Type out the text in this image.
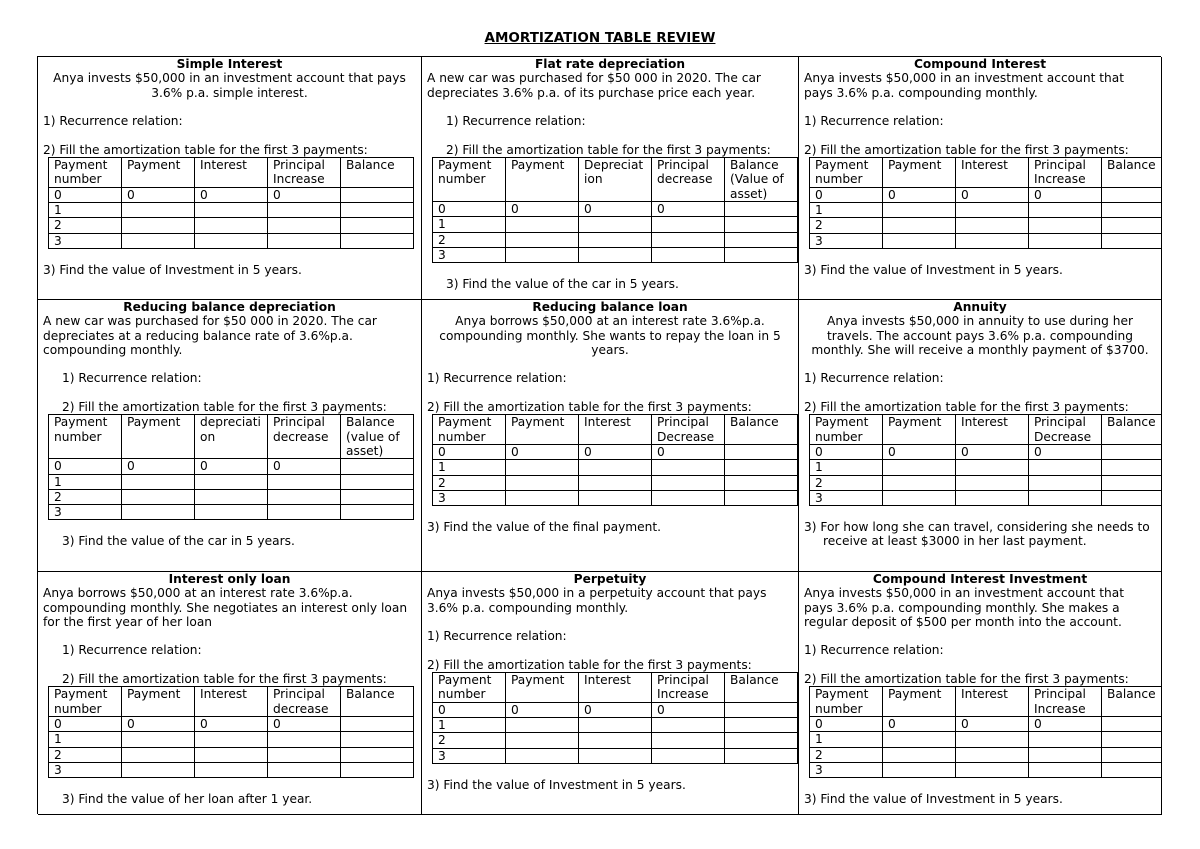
AMORTIZATION TABLE REVIEW
Simple Interest
Anya invests $50,000 in an investment account that pays 3.6% p.a. simple interest.
1) Recurrence relation:
2) Fill the amortization table for the first 3 payments:
Payment number	Payment	Interest	Principal Increase	Balance
0	0	0	0	
1				
2				
3				
3) Find the value of Investment in 5 years.
Flat rate depreciation
A new car was purchased for $50 000 in 2020. The car depreciates 3.6% p.a. of its purchase price each year.
1) Recurrence relation:
2) Fill the amortization table for the first 3 payments:
Payment number	Payment	Depreciation	Principal decrease	Balance (Value of asset)
0	0	0	0	
1				
2				
3				
3) Find the value of the car in 5 years.
Compound Interest
Anya invests $50,000 in an investment account that pays 3.6% p.a. compounding monthly.
1) Recurrence relation:
2) Fill the amortization table for the first 3 payments:
Payment number	Payment	Interest	Principal Increase	Balance
0	0	0	0	
1				
2				
3				
3) Find the value of Investment in 5 years.
Reducing balance depreciation
A new car was purchased for $50 000 in 2020. The car depreciates at a reducing balance rate of 3.6%p.a. compounding monthly.
1) Recurrence relation:
2) Fill the amortization table for the first 3 payments:
Payment number	Payment	depreciation	Principal decrease	Balance (value of asset)
0	0	0	0	
1				
2				
3				
3) Find the value of the car in 5 years.
Reducing balance loan
Anya borrows $50,000 at an interest rate 3.6%p.a. compounding monthly. She wants to repay the loan in 5 years.
1) Recurrence relation:
2) Fill the amortization table for the first 3 payments:
Payment number	Payment	Interest	Principal Decrease	Balance
0	0	0	0	
1				
2				
3				
3) Find the value of the final payment.
Annuity
Anya invests $50,000 in annuity to use during her travels. The account pays 3.6% p.a. compounding monthly. She will receive a monthly payment of $3700.
1) Recurrence relation:
2) Fill the amortization table for the first 3 payments:
Payment number	Payment	Interest	Principal Decrease	Balance
0	0	0	0	
1				
2				
3				
3) For how long she can travel, considering she needs to receive at least $3000 in her last payment.
Interest only loan
Anya borrows $50,000 at an interest rate 3.6%p.a. compounding monthly. She negotiates an interest only loan for the first year of her loan
1) Recurrence relation:
2) Fill the amortization table for the first 3 payments:
Payment number	Payment	Interest	Principal decrease	Balance
0	0	0	0	
1				
2				
3				
3) Find the value of her loan after 1 year.
Perpetuity
Anya invests $50,000 in a perpetuity account that pays 3.6% p.a. compounding monthly.
1) Recurrence relation:
2) Fill the amortization table for the first 3 payments:
Payment number	Payment	Interest	Principal Increase	Balance
0	0	0	0	
1				
2				
3				
3) Find the value of Investment in 5 years.
Compound Interest Investment
Anya invests $50,000 in an investment account that pays 3.6% p.a. compounding monthly. She makes a regular deposit of $500 per month into the account.
1) Recurrence relation:
2) Fill the amortization table for the first 3 payments:
Payment number	Payment	Interest	Principal Increase	Balance
0	0	0	0	
1				
2				
3				
3) Find the value of Investment in 5 years.
